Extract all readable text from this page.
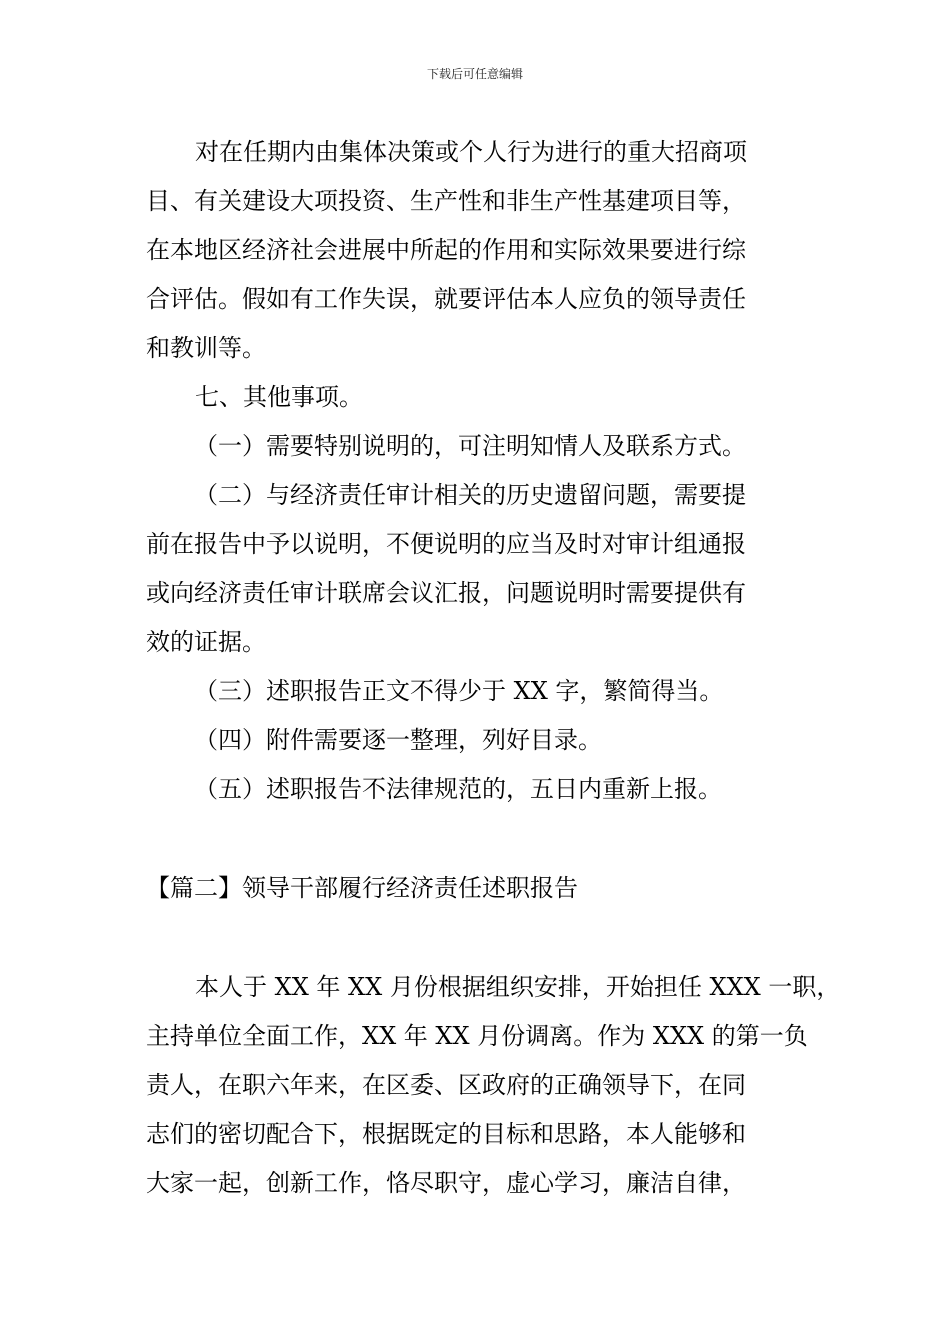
下载后可任意编辑
对在任期内由集体决策或个人行为进行的重大招商项
目、有关建设大项投资、生产性和非生产性基建项目等，
在本地区经济社会进展中所起的作用和实际效果要进行综
合评估。假如有工作失误，就要评估本人应负的领导责任
和教训等。
七、其他事项。
（一）需要特别说明的，可注明知情人及联系方式。
（二）与经济责任审计相关的历史遗留问题，需要提
前在报告中予以说明，不便说明的应当及时对审计组通报
或向经济责任审计联席会议汇报，问题说明时需要提供有
效的证据。
（三）述职报告正文不得少于 XX 字，繁简得当。
（四）附件需要逐一整理，列好目录。
（五）述职报告不法律规范的，五日内重新上报。
【篇二】领导干部履行经济责任述职报告
本人于 XX 年 XX 月份根据组织安排，开始担任 XXX 一职，
主持单位全面工作，XX 年 XX 月份调离。作为 XXX 的第一负
责人，在职六年来，在区委、区政府的正确领导下，在同
志们的密切配合下，根据既定的目标和思路，本人能够和
大家一起，创新工作，恪尽职守，虚心学习，廉洁自律，
